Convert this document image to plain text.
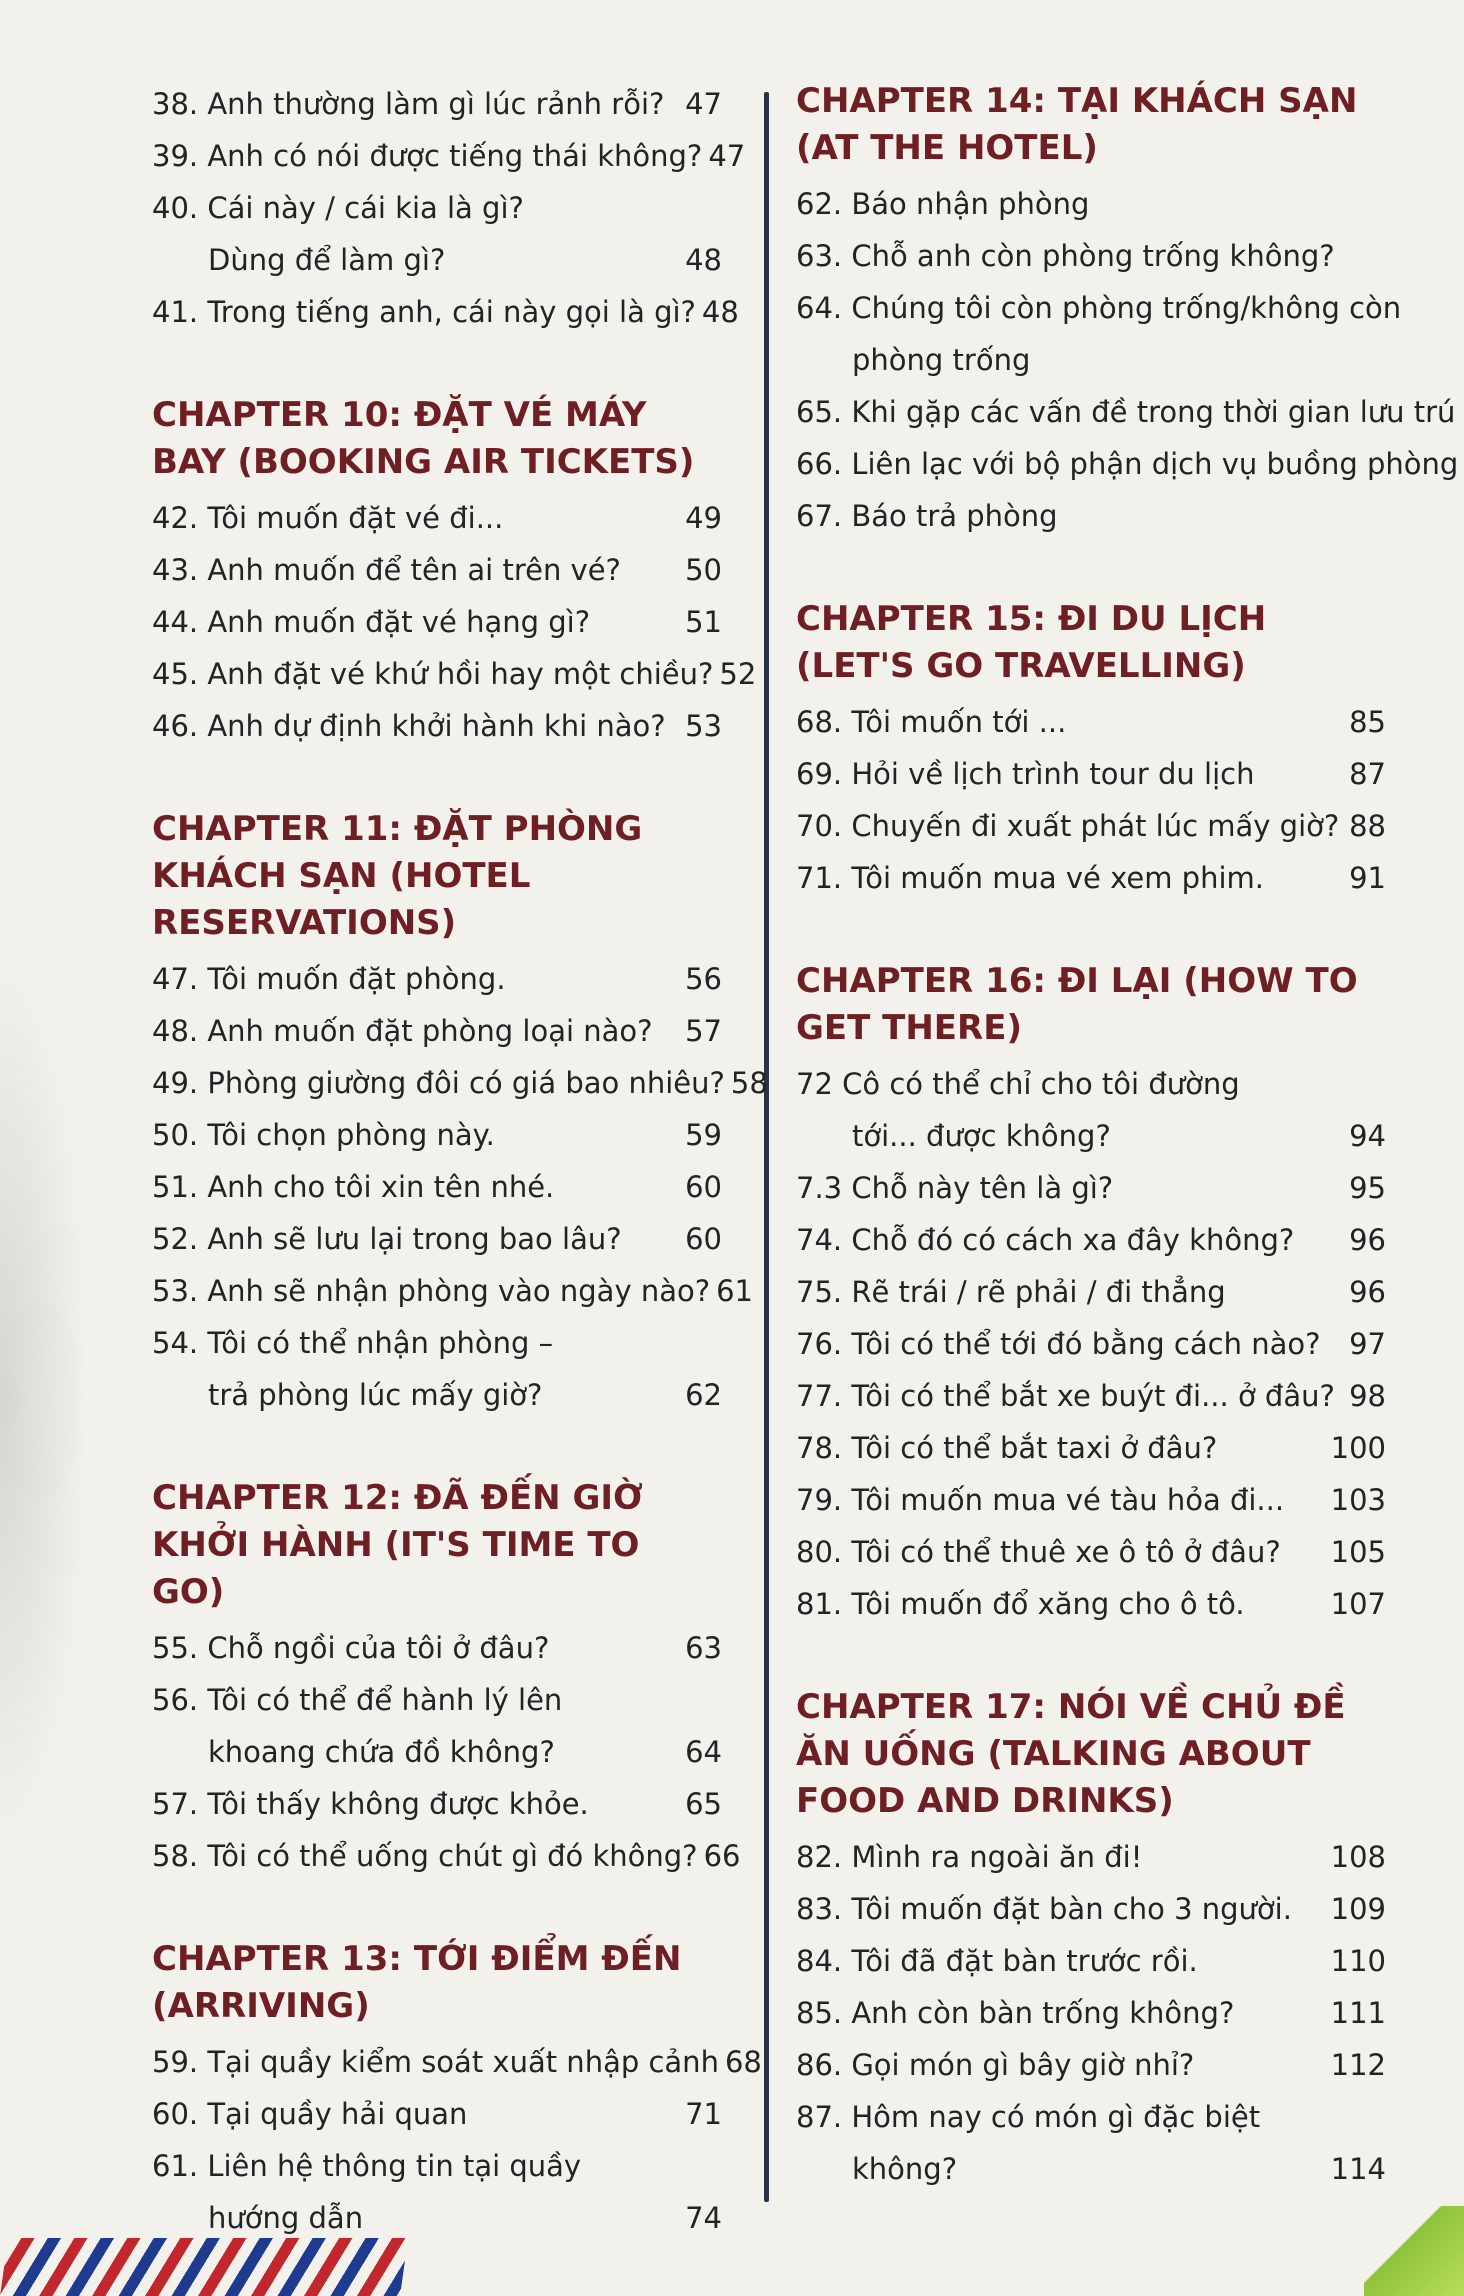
38. Anh thường làm gì lúc rảnh rỗi? 47
39. Anh có nói được tiếng thái không? 47
40. Cái này / cái kia là gì?
Dùng để làm gì?	48
41. Trong tiếng anh, cái này gọi là gì? 48
CHAPTER 10: ĐẶT VÉ MÁY BAY (BOOKING AIR TICKETS)
42. Tôi muốn đặt vé đi...	49
43. Anh muốn để tên ai trên vé? 50
44. Anh muốn đặt vé hạng gì?	51
45. Anh đặt vé khứ hồi hay một chiều? 52
46. Anh dự định khởi hành khi nào? 53
CHAPTER 11: ĐẶT PHÒNG KHÁCH SẠN (HOTEL RESERVATIONS)
47. Tôi muốn đặt phòng.	56
48. Anh muốn đặt phòng loại nào? 57
49. Phòng giường đôi có giá bao nhiêu? 58
50. Tôi chọn phòng này.	59
51. Anh cho tôi xin tên nhé.	60
52. Anh sẽ lưu lại trong bao lâu? 60
53. Anh sẽ nhận phòng vào ngày nào? 61
54. Tôi có thể nhận phòng –
trả phòng lúc mấy giờ?	62
CHAPTER 12: ĐÃ ĐẾN GIỜ KHỞI HÀNH (IT'S TIME TO GO)
55. Chỗ ngồi của tôi ở đâu?	63
56. Tôi có thể để hành lý lên
khoang chứa đồ không?	64
57. Tôi thấy không được khỏe.	65
58. Tôi có thể uống chút gì đó không? 66
CHAPTER 13: TỚI ĐIỂM ĐẾN (ARRIVING)
59. Tại quầy kiểm soát xuất nhập cảnh 68
60. Tại quầy hải quan	71
61. Liên hệ thông tin tại quầy
hướng dẫn	74
CHAPTER 14: TẠI KHÁCH SẠN (AT THE HOTEL)
62. Báo nhận phòng
63. Chỗ anh còn phòng trống không?
64. Chúng tôi còn phòng trống/không còn
phòng trống
65. Khi gặp các vấn đề trong thời gian lưu trú
66. Liên lạc với bộ phận dịch vụ buồng phòng
67. Báo trả phòng
CHAPTER 15: ĐI DU LỊCH (LET'S GO TRAVELLING)
68. Tôi muốn tới ...	85
69. Hỏi về lịch trình tour du lịch	87
70. Chuyến đi xuất phát lúc mấy giờ? 88
71. Tôi muốn mua vé xem phim.	91
CHAPTER 16: ĐI LẠI (HOW TO GET THERE)
72 Cô có thể chỉ cho tôi đường
tới... được không?	94
7.3 Chỗ này tên là gì?	95
74. Chỗ đó có cách xa đây không? 96
75. Rẽ trái / rẽ phải / đi thẳng	96
76. Tôi có thể tới đó bằng cách nào? 97
77. Tôi có thể bắt xe buýt đi... ở đâu? 98
78. Tôi có thể bắt taxi ở đâu?	100
79. Tôi muốn mua vé tàu hỏa đi... 103
80. Tôi có thể thuê xe ô tô ở đâu? 105
81. Tôi muốn đổ xăng cho ô tô.	107
CHAPTER 17: NÓI VỀ CHỦ ĐỀ ĂN UỐNG (TALKING ABOUT FOOD AND DRINKS)
82. Mình ra ngoài ăn đi!	108
83. Tôi muốn đặt bàn cho 3 người. 109
84. Tôi đã đặt bàn trước rồi.	110
85. Anh còn bàn trống không?	111
86. Gọi món gì bây giờ nhỉ?	112
87. Hôm nay có món gì đặc biệt
không?	114
